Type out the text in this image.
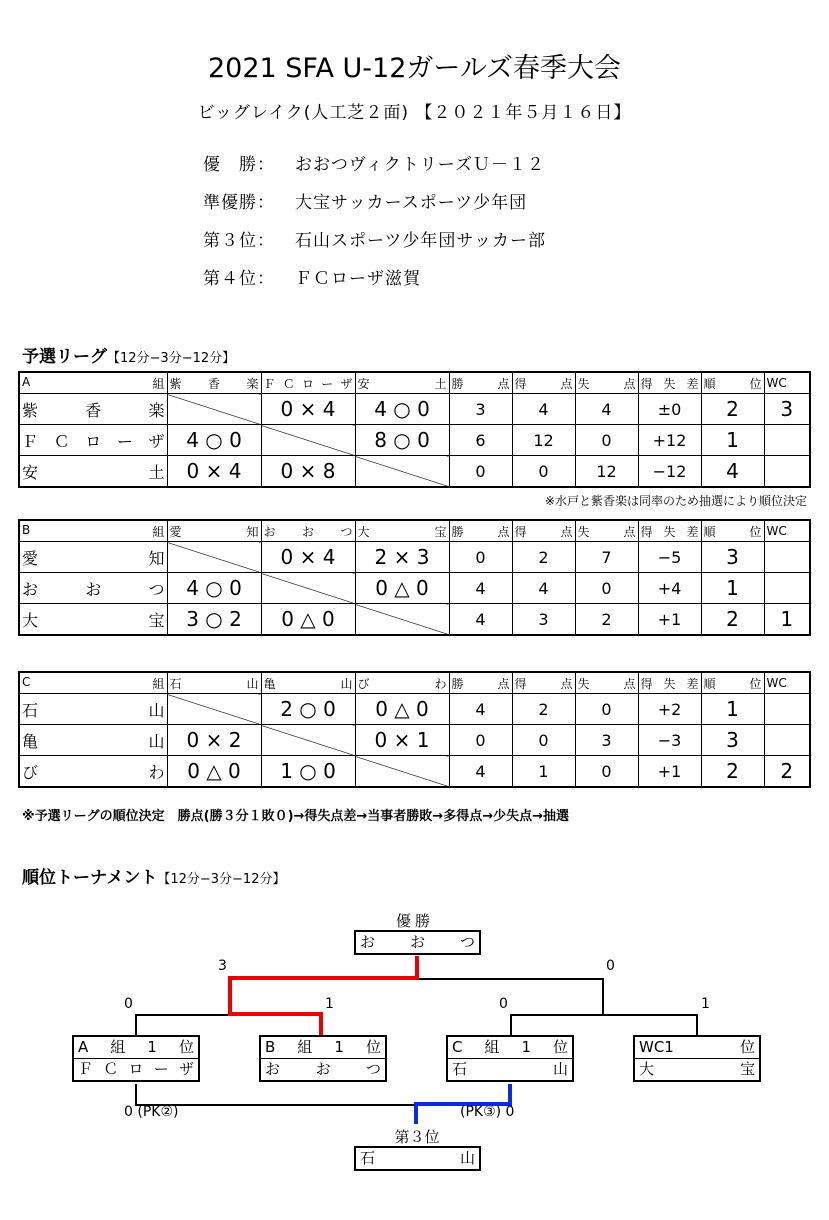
2021 SFA U-12ガールズ春季大会
ビッグレイク(人工芝２面) 【２０２１年５月１６日】
優　勝： おおつヴィクトリーズＵ－１２
準優勝： 大宝サッカースポーツ少年団
第３位： 石山スポーツ少年団サッカー部
第４位： ＦＣローザ滋賀
予選リーグ【12分−3分−12分】
A 組	紫香楽	ＦＣローザ	安土	勝点	得点	失点	得失差	順位	WC
紫香楽		0 × 4	4 ○ 0	3	4	4	±0	2	3
ＦＣローザ	4 ○ 0		8 ○ 0	6	12	0	+12	1	
安土	0 × 4	0 × 8		0	0	12	−12	4	
※水戸と紫香楽は同率のため抽選により順位決定
B 組	愛知	おおつ	大宝	勝点	得点	失点	得失差	順位	WC
愛知		0 × 4	2 × 3	0	2	7	−5	3	
おおつ	4 ○ 0		0 △ 0	4	4	0	+4	1	
大宝	3 ○ 2	0 △ 0		4	3	2	+1	2	1
C 組	石山	亀山	びわ	勝点	得点	失点	得失差	順位	WC
石山		2 ○ 0	0 △ 0	4	2	0	+2	1	
亀山	0 × 2		0 × 1	0	0	3	−3	3	
びわ	0 △ 0	1 ○ 0		4	1	0	+1	2	2
※予選リーグの順位決定　勝点(勝３分１敗０)→得失点差→当事者勝敗→多得点→少失点→抽選
順位トーナメント【12分−3分−12分】
優勝
おおつ
A組1位
ＦＣローザ
B組1位
おおつ
C組1位
石山
WC1位
大宝
第３位
石山
3	0
0	1	0	1
0 (PK②)	(PK③) 0
